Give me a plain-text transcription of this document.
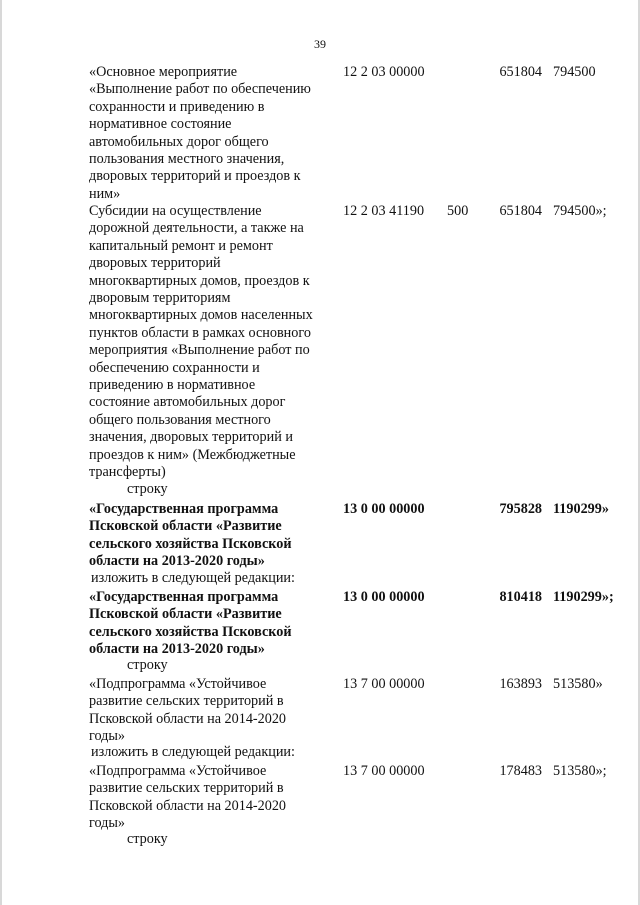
39
«Основное мероприятие
«Выполнение работ по обеспечению
сохранности и приведению в
нормативное состояние
автомобильных дорог общего
пользования местного значения,
дворовых территорий и проездов к
ним»
12 2 03 00000	651804 794500
Субсидии на осуществление
дорожной деятельности, а также на
капитальный ремонт и ремонт
дворовых территорий
многоквартирных домов, проездов к
дворовым территориям
многоквартирных домов населенных
пунктов области в рамках основного
мероприятия «Выполнение работ по
обеспечению сохранности и
приведению в нормативное
состояние автомобильных дорог
общего пользования местного
значения, дворовых территорий и
проездов к ним» (Межбюджетные
трансферты)
12 2 03 41190 500 651804 794500»;
строку
«Государственная программа
Псковской области «Развитие
сельского хозяйства Псковской
области на 2013-2020 годы»
13 0 00 00000	795828 1190299»
изложить в следующей редакции:
«Государственная программа
Псковской области «Развитие
сельского хозяйства Псковской
области на 2013-2020 годы»
13 0 00 00000	810418 1190299»;
строку
«Подпрограмма «Устойчивое
развитие сельских территорий в
Псковской области на 2014-2020
годы»
13 7 00 00000	163893 513580»
изложить в следующей редакции:
«Подпрограмма «Устойчивое
развитие сельских территорий в
Псковской области на 2014-2020
годы»
13 7 00 00000	178483 513580»;
строку
